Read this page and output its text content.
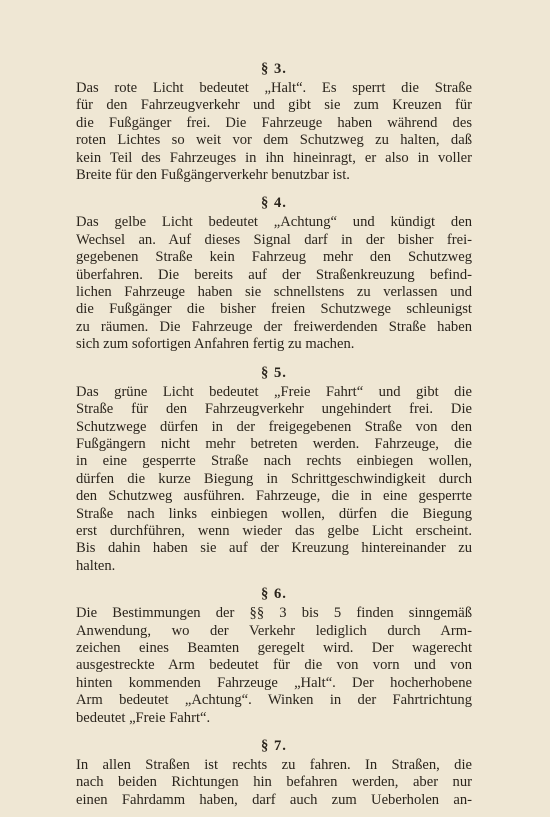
§ 3.
Das rote Licht bedeutet „Halt“. Es sperrt die Straße
für den Fahrzeugverkehr und gibt sie zum Kreuzen für
die Fußgänger frei. Die Fahrzeuge haben während des
roten Lichtes so weit vor dem Schutzweg zu halten, daß
kein Teil des Fahrzeuges in ihn hineinragt, er also in voller
Breite für den Fußgängerverkehr benutzbar ist.
§ 4.
Das gelbe Licht bedeutet „Achtung“ und kündigt den
Wechsel an. Auf dieses Signal darf in der bisher frei-
gegebenen Straße kein Fahrzeug mehr den Schutzweg
überfahren. Die bereits auf der Straßenkreuzung befind-
lichen Fahrzeuge haben sie schnellstens zu verlassen und
die Fußgänger die bisher freien Schutzwege schleunigst
zu räumen. Die Fahrzeuge der freiwerdenden Straße haben
sich zum sofortigen Anfahren fertig zu machen.
§ 5.
Das grüne Licht bedeutet „Freie Fahrt“ und gibt die
Straße für den Fahrzeugverkehr ungehindert frei. Die
Schutzwege dürfen in der freigegebenen Straße von den
Fußgängern nicht mehr betreten werden. Fahrzeuge, die
in eine gesperrte Straße nach rechts einbiegen wollen,
dürfen die kurze Biegung in Schrittgeschwindigkeit durch
den Schutzweg ausführen. Fahrzeuge, die in eine gesperrte
Straße nach links einbiegen wollen, dürfen die Biegung
erst durchführen, wenn wieder das gelbe Licht erscheint.
Bis dahin haben sie auf der Kreuzung hintereinander zu
halten.
§ 6.
Die Bestimmungen der §§ 3 bis 5 finden sinngemäß
Anwendung, wo der Verkehr lediglich durch Arm-
zeichen eines Beamten geregelt wird. Der wagerecht
ausgestreckte Arm bedeutet für die von vorn und von
hinten kommenden Fahrzeuge „Halt“. Der hocherhobene
Arm bedeutet „Achtung“. Winken in der Fahrtrichtung
bedeutet „Freie Fahrt“.
§ 7.
In allen Straßen ist rechts zu fahren. In Straßen, die
nach beiden Richtungen hin befahren werden, aber nur
einen Fahrdamm haben, darf auch zum Ueberholen an-
